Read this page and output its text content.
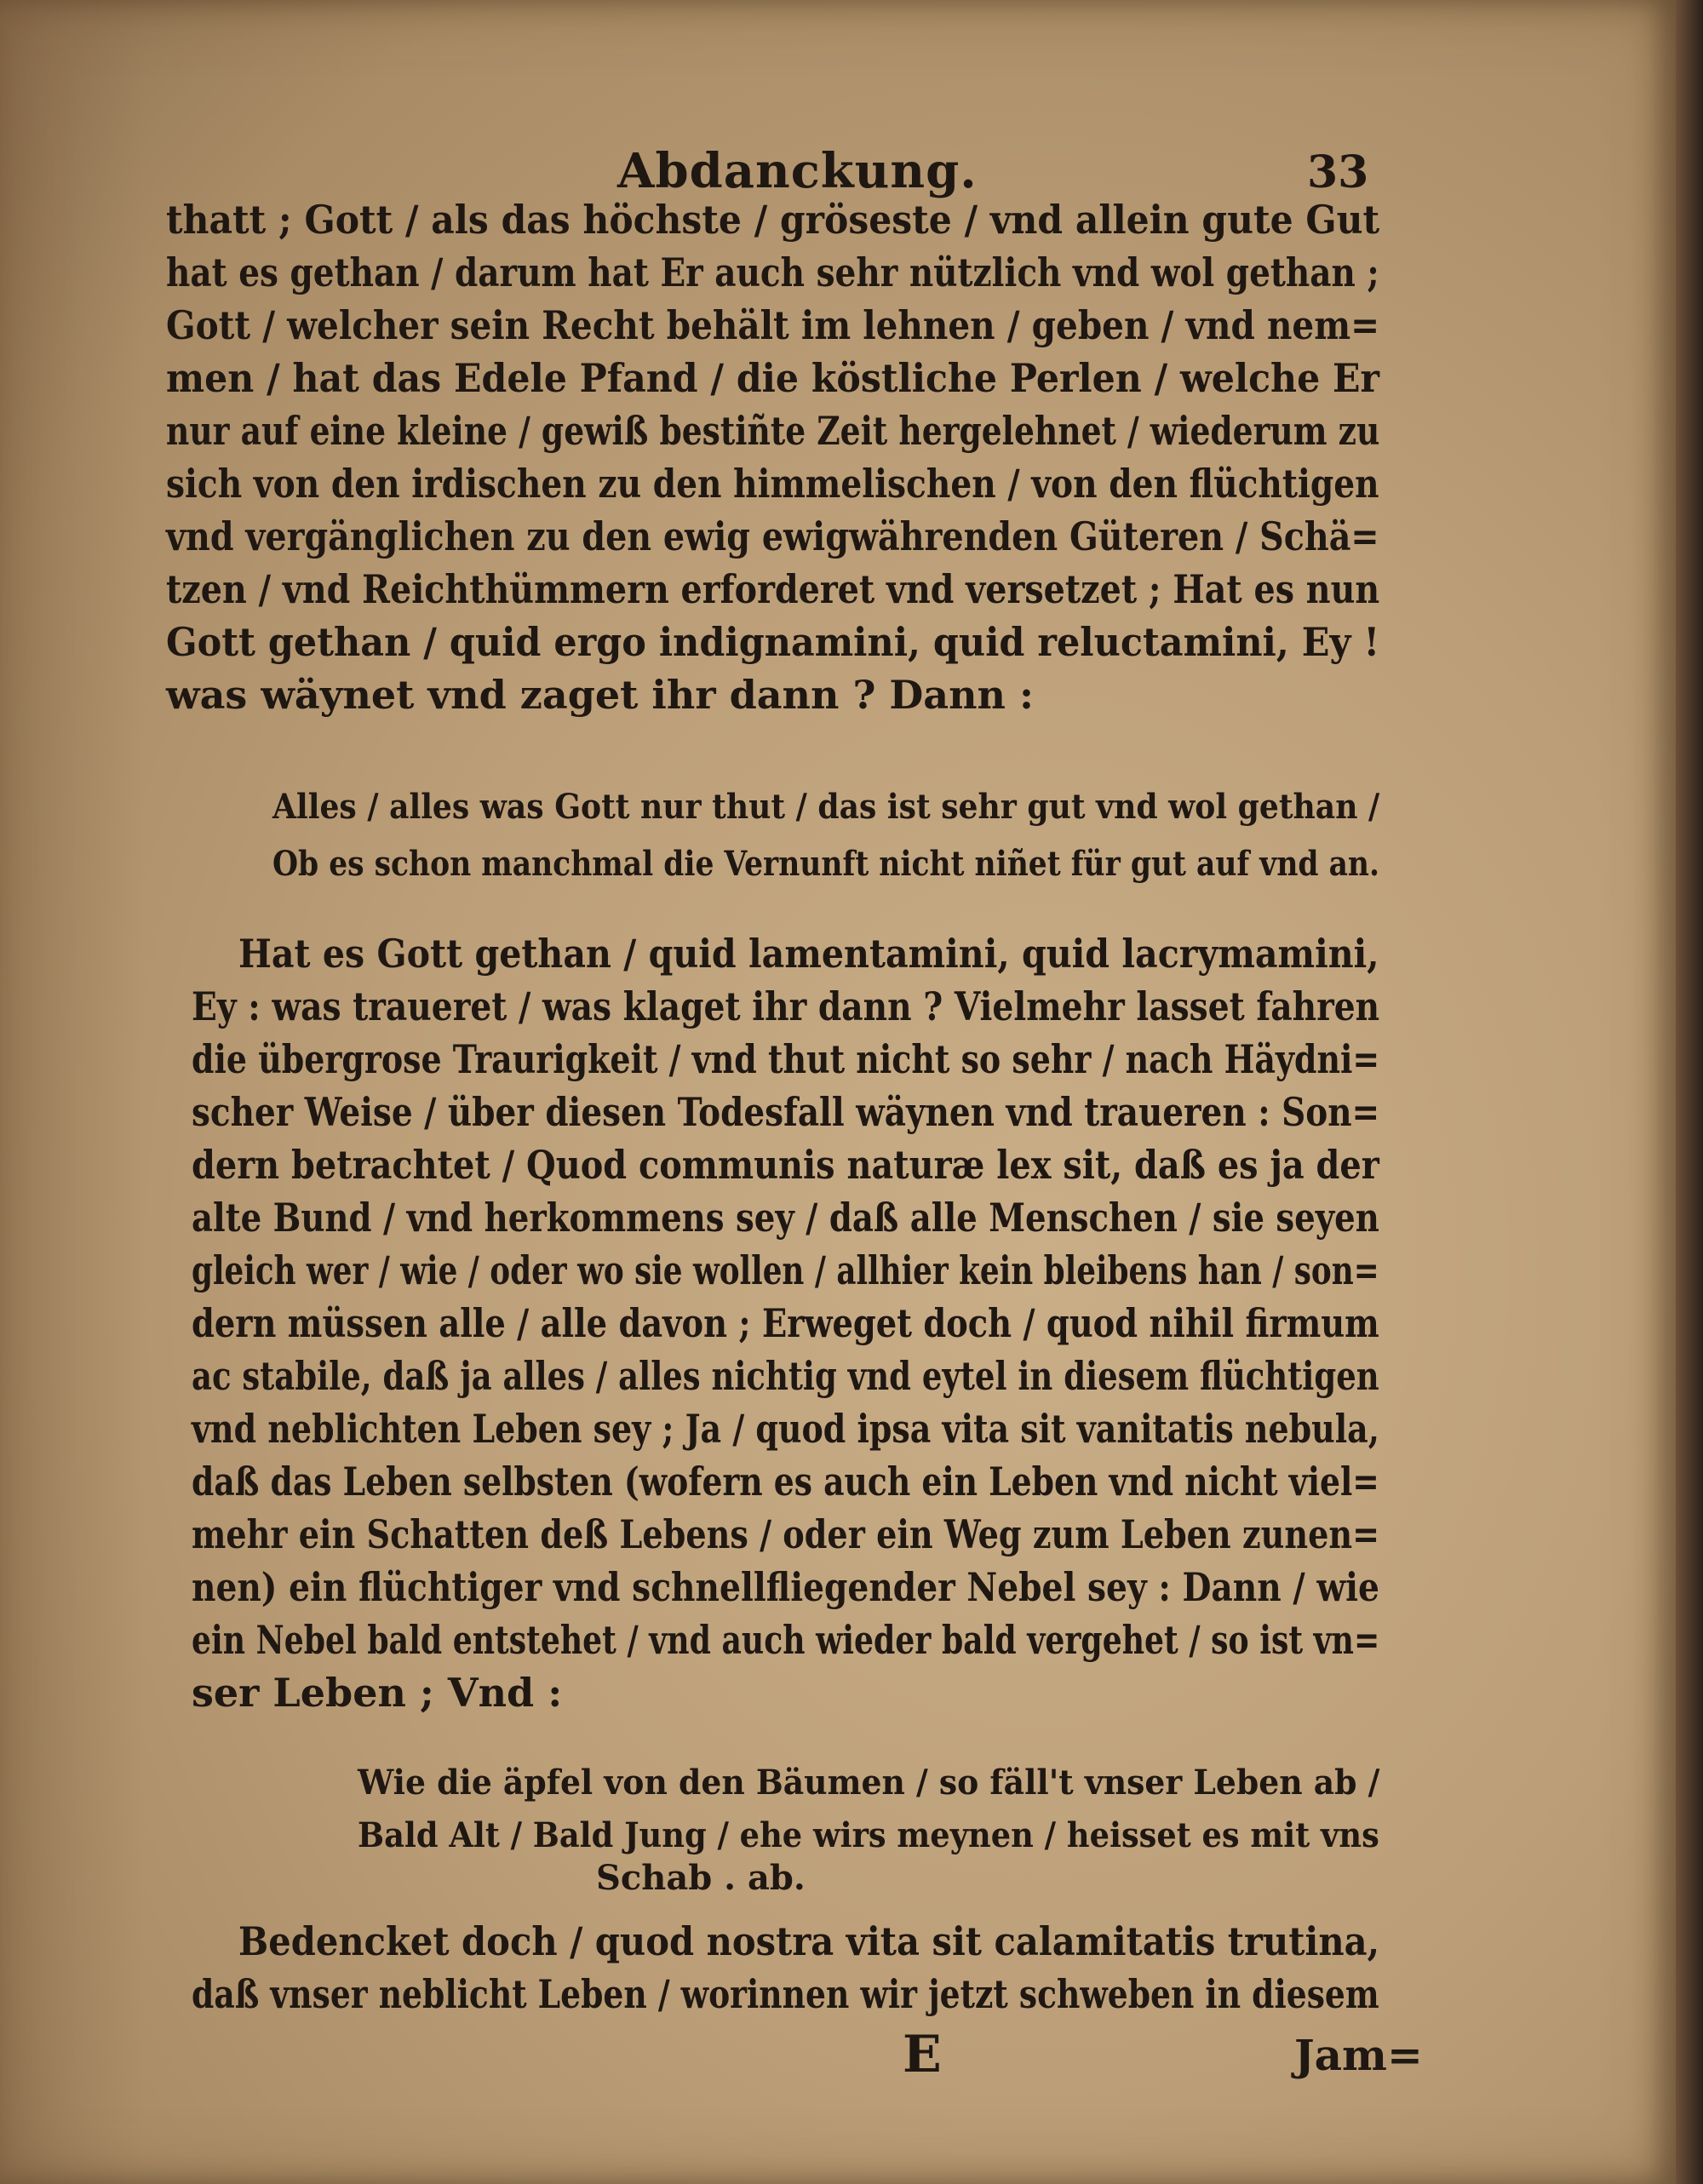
Abdanckung.	33
thatt ; Gott / als das höchste / gröseste / vnd allein gute Gut
hat es gethan / darum hat Er auch sehr nützlich vnd wol gethan ;
Gott / welcher sein Recht behält im lehnen / geben / vnd nem=
men / hat das Edele Pfand / die köstliche Perlen / welche Er
nur auf eine kleine / gewiß bestiñte Zeit hergelehnet / wiederum zu
sich von den irdischen zu den himmelischen / von den flüchtigen
vnd vergänglichen zu den ewig ewigwährenden Güteren / Schä=
tzen / vnd Reichthümmern erforderet vnd versetzet ; Hat es nun
Gott gethan / quid ergo indignamini, quid reluctamini, Ey !
was wäynet vnd zaget ihr dann ? Dann :
Alles / alles was Gott nur thut / das ist sehr gut vnd wol gethan /
Ob es schon manchmal die Vernunft nicht niñet für gut auf vnd an.
Hat es Gott gethan / quid lamentamini, quid lacrymamini,
Ey : was traueret / was klaget ihr dann ? Vielmehr lasset fahren
die übergrose Traurigkeit / vnd thut nicht so sehr / nach Häydni=
scher Weise / über diesen Todesfall wäynen vnd traueren : Son=
dern betrachtet / Quod communis naturæ lex sit, daß es ja der
alte Bund / vnd herkommens sey / daß alle Menschen / sie seyen
gleich wer / wie / oder wo sie wollen / allhier kein bleibens han / son=
dern müssen alle / alle davon ; Erweget doch / quod nihil firmum
ac stabile, daß ja alles / alles nichtig vnd eytel in diesem flüchtigen
vnd neblichten Leben sey ; Ja / quod ipsa vita sit vanitatis nebula,
daß das Leben selbsten (wofern es auch ein Leben vnd nicht viel=
mehr ein Schatten deß Lebens / oder ein Weg zum Leben zunen=
nen) ein flüchtiger vnd schnellfliegender Nebel sey : Dann / wie
ein Nebel bald entstehet / vnd auch wieder bald vergehet / so ist vn=
ser Leben ; Vnd :
Wie die äpfel von den Bäumen / so fäll't vnser Leben ab /
Bald Alt / Bald Jung / ehe wirs meynen / heisset es mit vns
Schab . ab.
Bedencket doch / quod nostra vita sit calamitatis trutina,
daß vnser neblicht Leben / worinnen wir jetzt schweben in diesem
E	Jam=
